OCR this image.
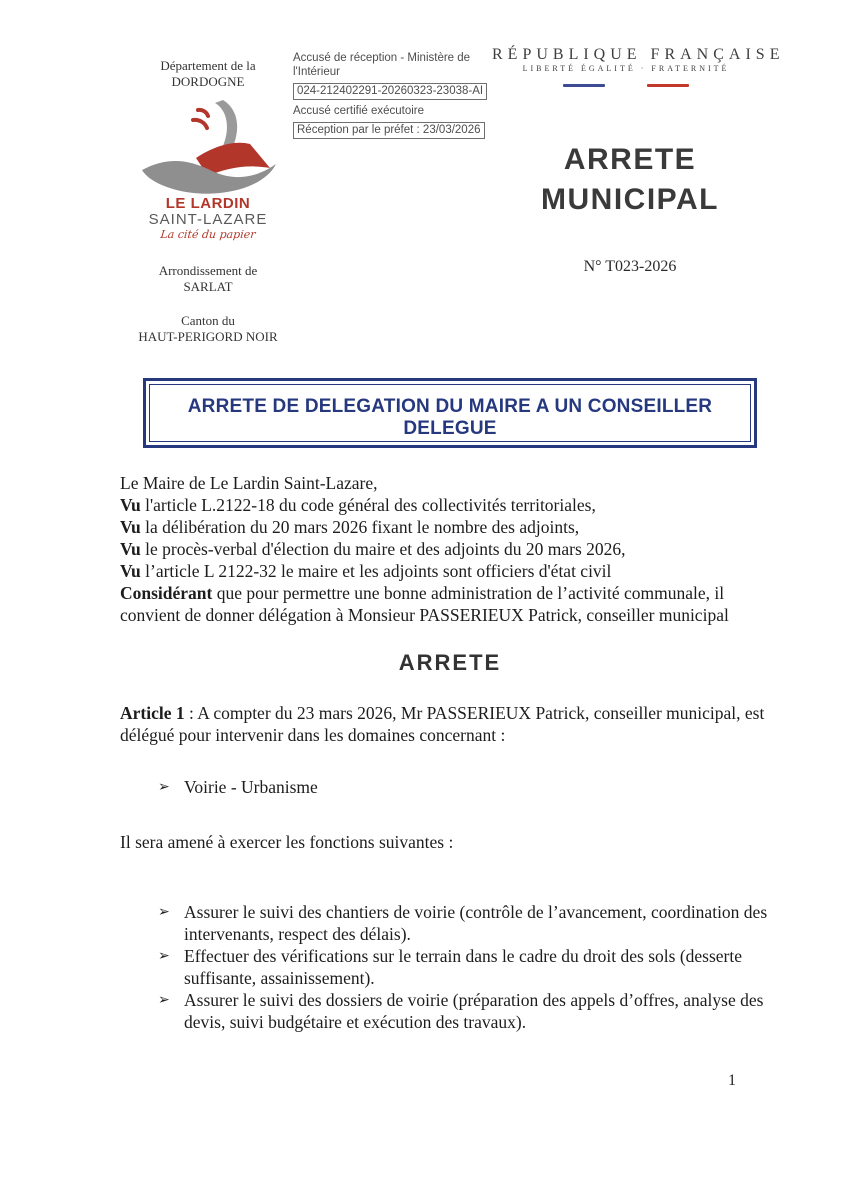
Département de la
DORDOGNE
LE LARDIN
SAINT-LAZARE
La cité du papier
Arrondissement de
SARLAT
Canton du
HAUT-PERIGORD NOIR

Accusé de réception - Ministère de l'Intérieur

024-212402291-20260323-23038-AI

Accusé certifié exécutoire

Réception par le préfet : 23/03/2026
RÉPUBLIQUE FRANÇAISE
LIBERTÉ ÉGALITÉ · FRATERNITÉ
ARRETE
MUNICIPAL
N° T023-2026
ARRETE DE DELEGATION DU MAIRE A UN CONSEILLER DELEGUE

Le Maire de Le Lardin Saint-Lazare,

Vu l'article L.2122-18 du code général des collectivités territoriales,

Vu la délibération du 20 mars 2026 fixant le nombre des adjoints,

Vu le procès-verbal d'élection du maire et des adjoints du 20 mars 2026,

Vu l’article L 2122-32 le maire et les adjoints sont officiers d'état civil

Considérant que pour permettre une bonne administration de l’activité communale, il convient de donner délégation à Monsieur PASSERIEUX Patrick, conseiller municipal

ARRETE

Article 1 : A compter du 23 mars 2026, Mr PASSERIEUX Patrick, conseiller municipal, est délégué pour intervenir dans les domaines concernant :

➢ Voirie - Urbanisme

Il sera amené à exercer les fonctions suivantes :

➢ Assurer le suivi des chantiers de voirie (contrôle de l’avancement, coordination des intervenants, respect des délais).
➢ Effectuer des vérifications sur le terrain dans le cadre du droit des sols (desserte suffisante, assainissement).
➢ Assurer le suivi des dossiers de voirie (préparation des appels d’offres, analyse des devis, suivi budgétaire et exécution des travaux).
1
